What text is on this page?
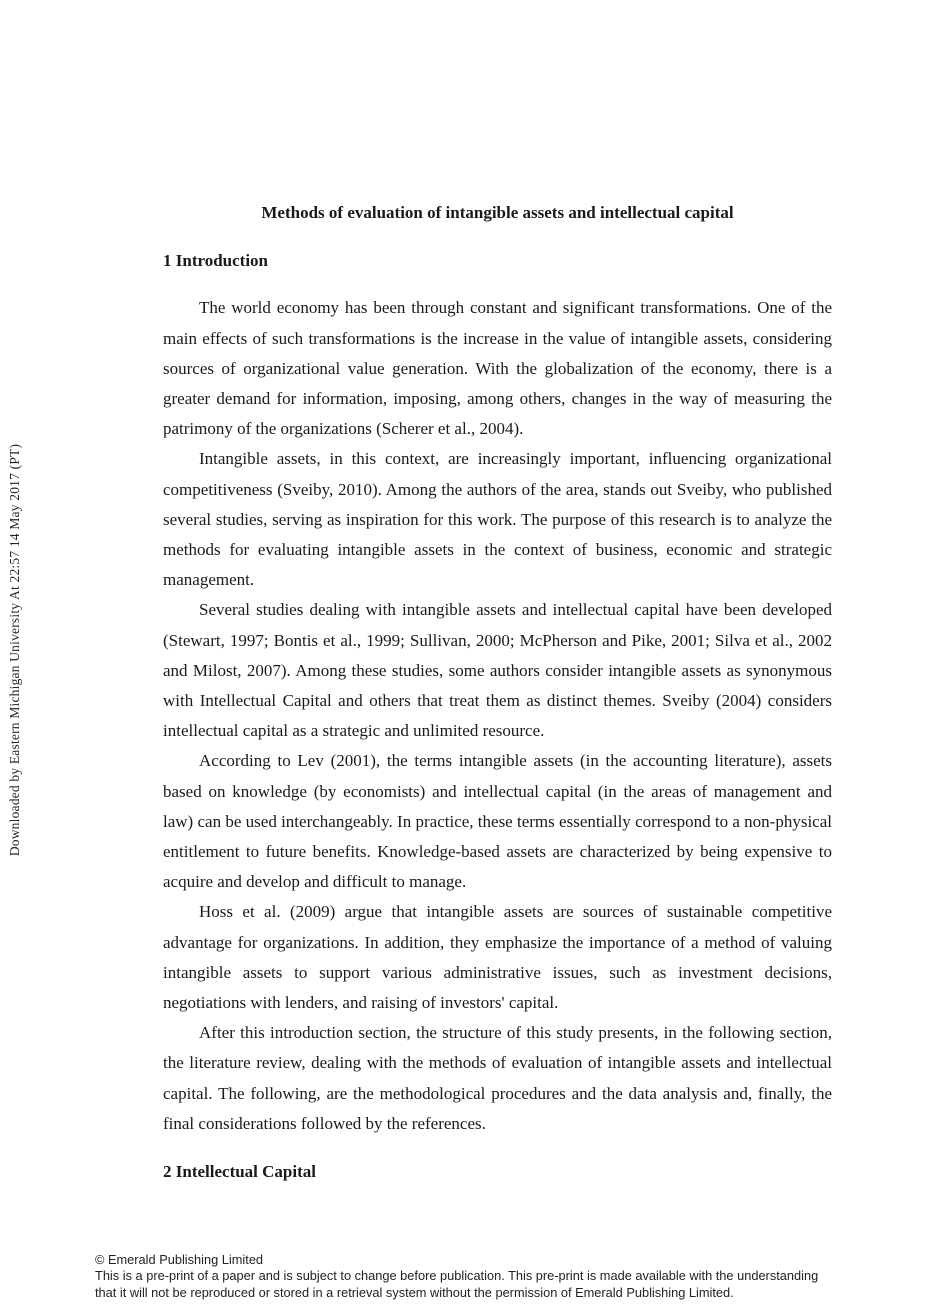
Downloaded by Eastern Michigan University At 22:57 14 May 2017 (PT)
Methods of evaluation of intangible assets and intellectual capital
1 Introduction

The world economy has been through constant and significant transformations. One of the main effects of such transformations is the increase in the value of intangible assets, considering sources of organizational value generation. With the globalization of the economy, there is a greater demand for information, imposing, among others, changes in the way of measuring the patrimony of the organizations (Scherer et al., 2004).

Intangible assets, in this context, are increasingly important, influencing organizational competitiveness (Sveiby, 2010). Among the authors of the area, stands out Sveiby, who published several studies, serving as inspiration for this work. The purpose of this research is to analyze the methods for evaluating intangible assets in the context of business, economic and strategic management.

Several studies dealing with intangible assets and intellectual capital have been developed (Stewart, 1997; Bontis et al., 1999; Sullivan, 2000; McPherson and Pike, 2001; Silva et al., 2002 and Milost, 2007). Among these studies, some authors consider intangible assets as synonymous with Intellectual Capital and others that treat them as distinct themes. Sveiby (2004) considers intellectual capital as a strategic and unlimited resource.

According to Lev (2001), the terms intangible assets (in the accounting literature), assets based on knowledge (by economists) and intellectual capital (in the areas of management and law) can be used interchangeably. In practice, these terms essentially correspond to a non-physical entitlement to future benefits. Knowledge-based assets are characterized by being expensive to acquire and develop and difficult to manage.

Hoss et al. (2009) argue that intangible assets are sources of sustainable competitive advantage for organizations. In addition, they emphasize the importance of a method of valuing intangible assets to support various administrative issues, such as investment decisions, negotiations with lenders, and raising of investors' capital.

After this introduction section, the structure of this study presents, in the following section, the literature review, dealing with the methods of evaluation of intangible assets and intellectual capital. The following, are the methodological procedures and the data analysis and, finally, the final considerations followed by the references.

2 Intellectual Capital
© Emerald Publishing Limited
This is a pre-print of a paper and is subject to change before publication. This pre-print is made available with the understanding
that it will not be reproduced or stored in a retrieval system without the permission of Emerald Publishing Limited.
